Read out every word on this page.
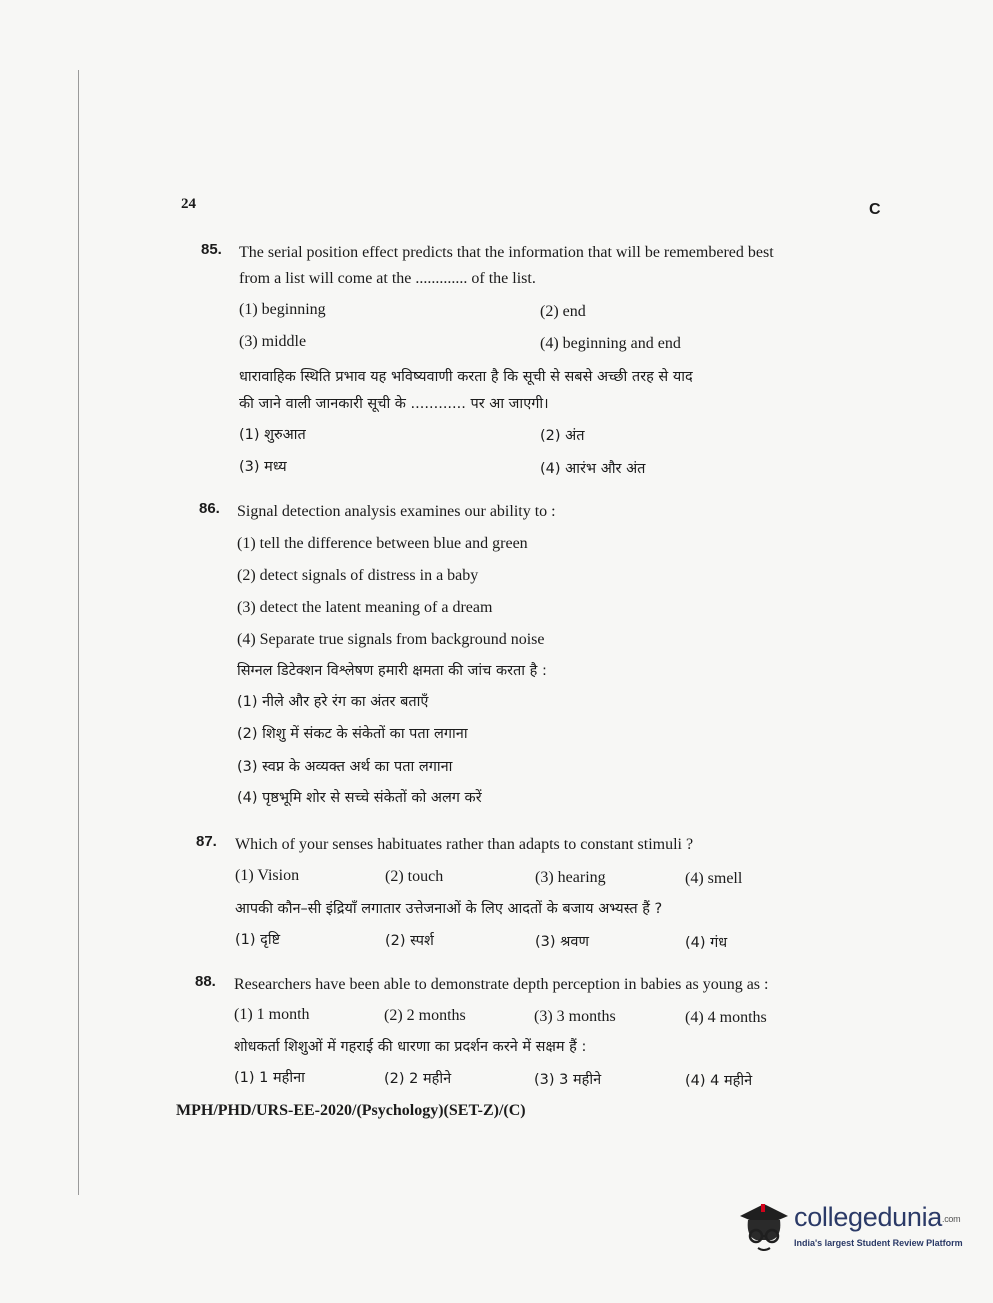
24	C
85. The serial position effect predicts that the information that will be remembered best
from a list will come at the ............. of the list.
(1) beginning	(2) end
(3) middle	(4) beginning and end
धारावाहिक स्थिति प्रभाव यह भविष्यवाणी करता है कि सूची से सबसे अच्छी तरह से याद
की जाने वाली जानकारी सूची के ............ पर आ जाएगी।
(1) शुरुआत	(2) अंत
(3) मध्य	(4) आरंभ और अंत
86. Signal detection analysis examines our ability to :
(1) tell the difference between blue and green
(2) detect signals of distress in a baby
(3) detect the latent meaning of a dream
(4) Separate true signals from background noise
सिग्नल डिटेक्शन विश्लेषण हमारी क्षमता की जांच करता है :
(1) नीले और हरे रंग का अंतर बताएँ
(2) शिशु में संकट के संकेतों का पता लगाना
(3) स्वप्न के अव्यक्त अर्थ का पता लगाना
(4) पृष्ठभूमि शोर से सच्चे संकेतों को अलग करें
87. Which of your senses habituates rather than adapts to constant stimuli ?
(1) Vision	(2) touch	(3) hearing	(4) smell
आपकी कौन–सी इंद्रियाँ लगातार उत्तेजनाओं के लिए आदतों के बजाय अभ्यस्त हैं ?
(1) दृष्टि	(2) स्पर्श	(3) श्रवण	(4) गंध
88. Researchers have been able to demonstrate depth perception in babies as young as :
(1) 1 month	(2) 2 months	(3) 3 months	(4) 4 months
शोधकर्ता शिशुओं में गहराई की धारणा का प्रदर्शन करने में सक्षम हैं :
(1) 1 महीना	(2) 2 महीने	(3) 3 महीने	(4) 4 महीने
MPH/PHD/URS-EE-2020/(Psychology)(SET-Z)/(C)
collegedunia.com
India's largest Student Review Platform
